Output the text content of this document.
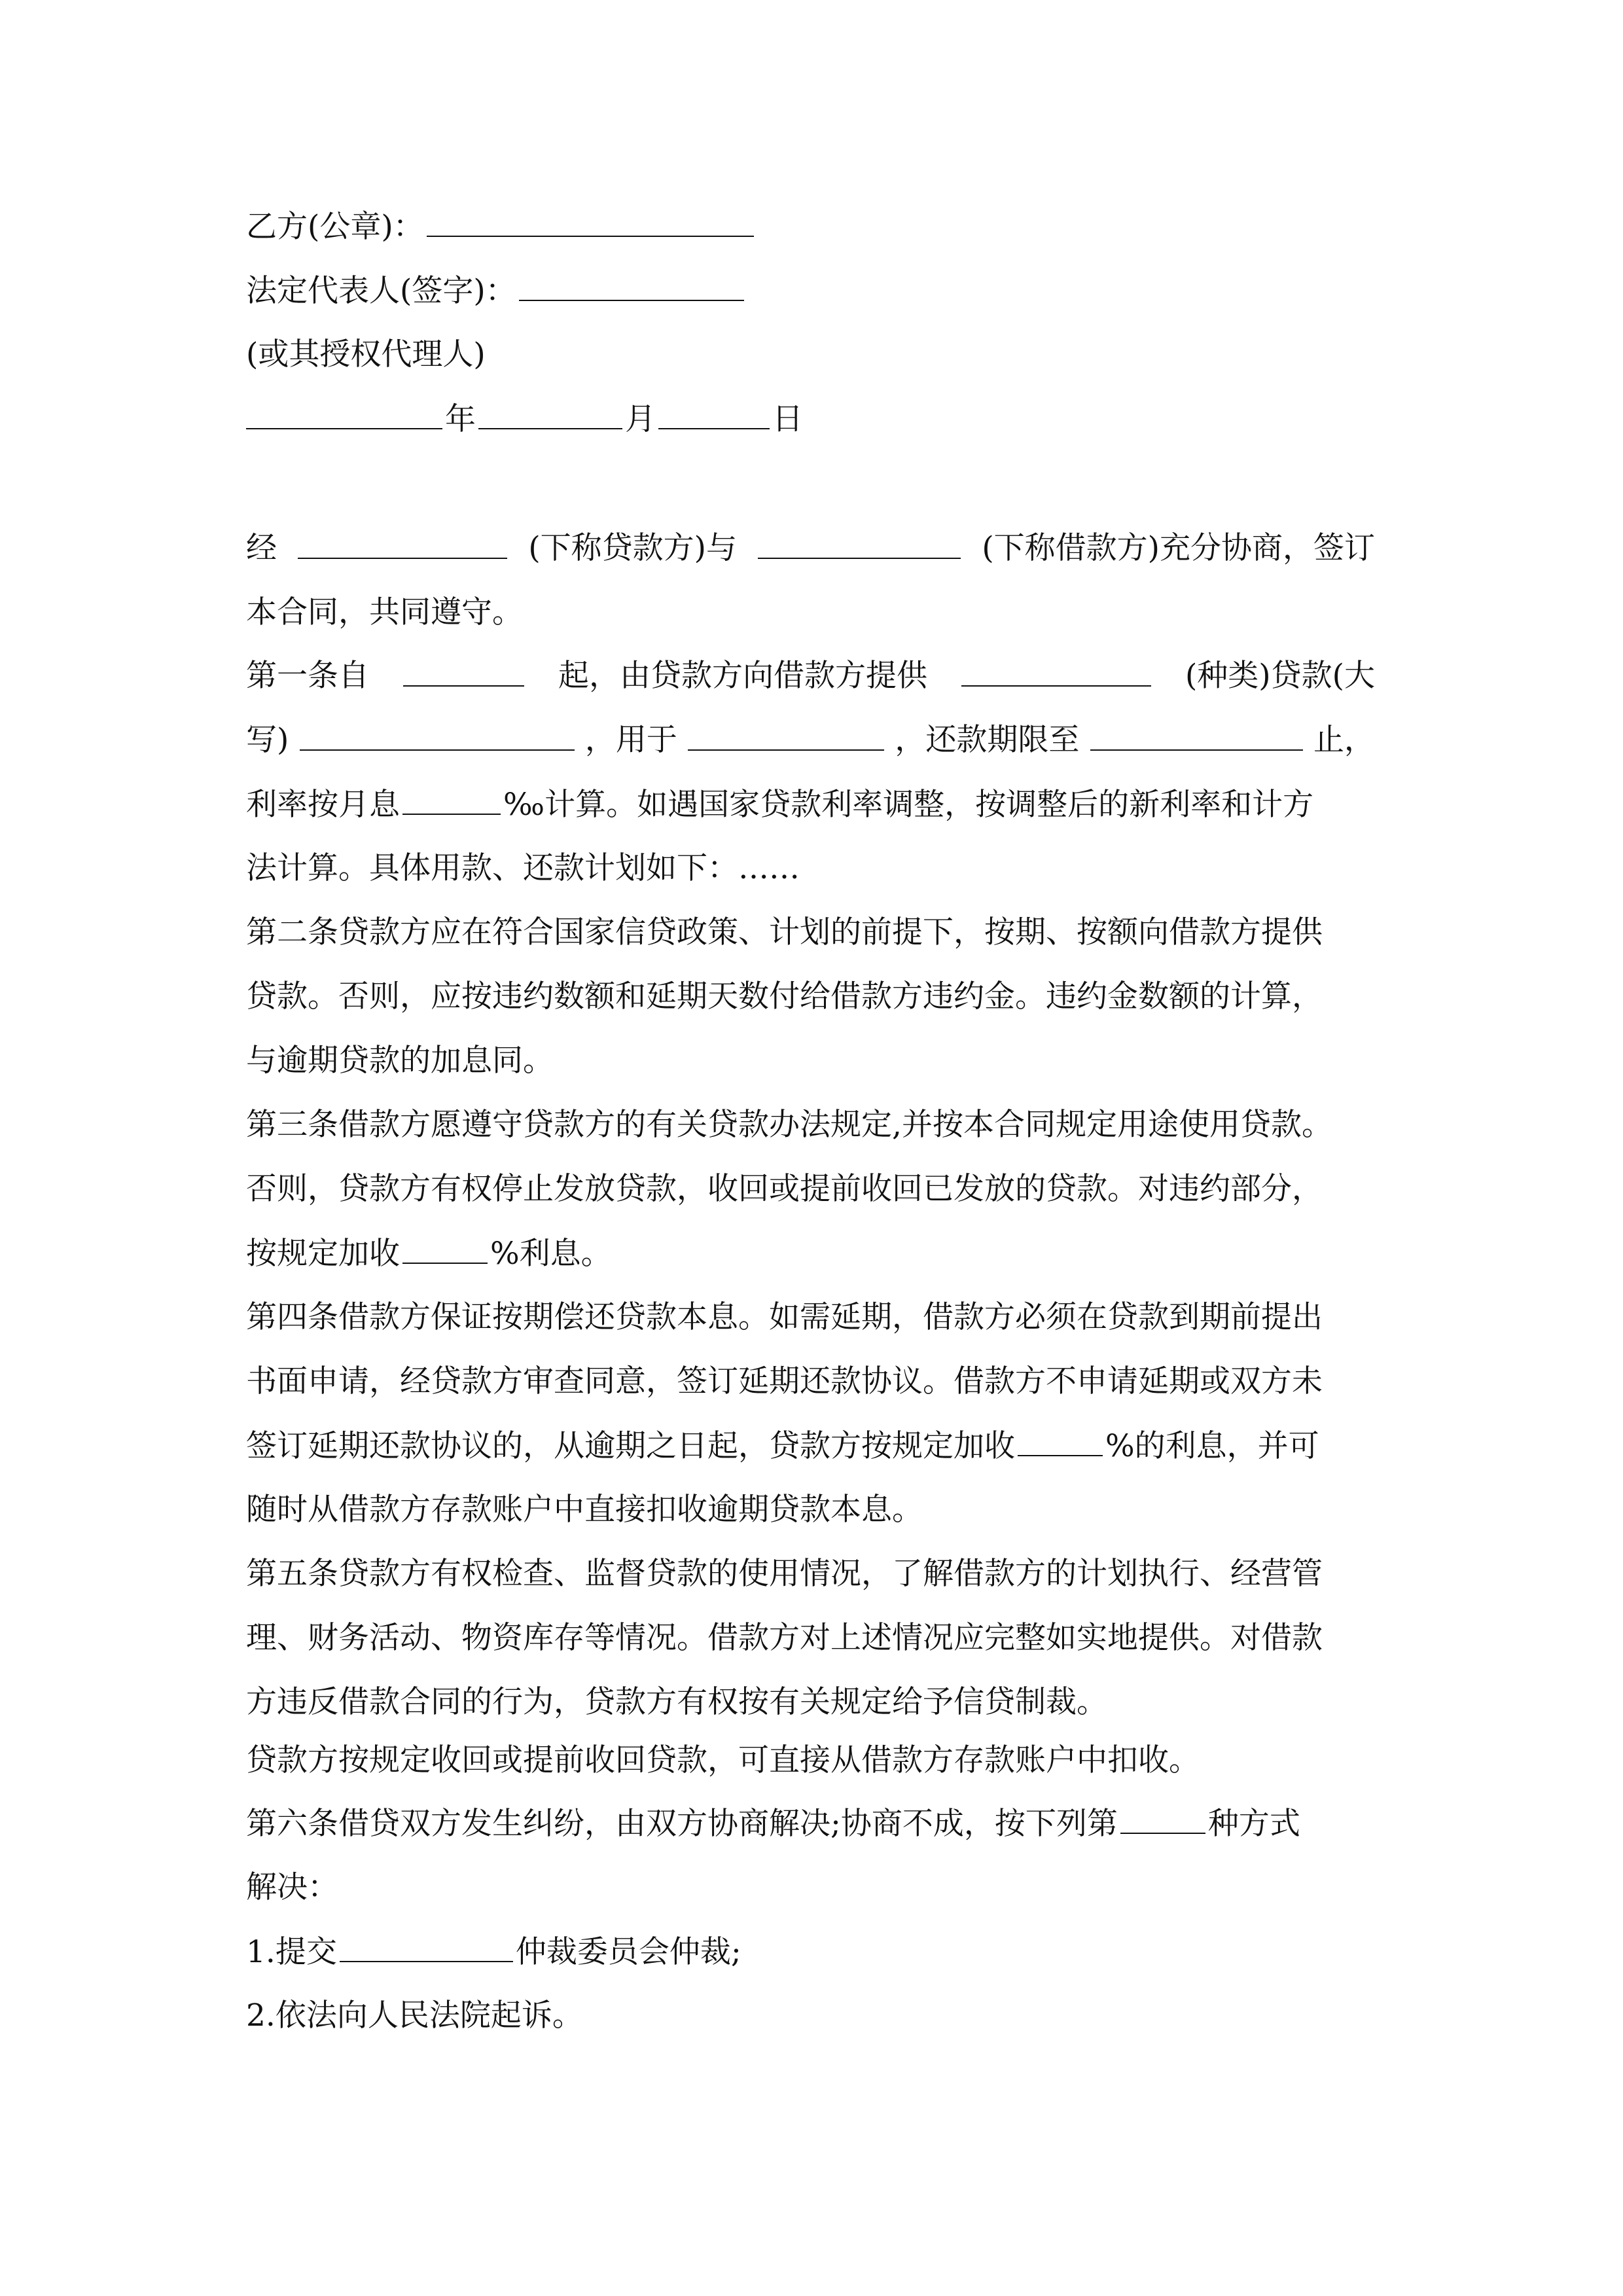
乙方(公章)：
法定代表人(签字)：
(或其授权代理人)
年	月	日
经	(下称贷款方)与	(下称借款方)充分协商，签订
本合同，共同遵守。
第一条自	起，由贷款方向借款方提供	(种类)贷款(大
写)	，用于	，还款期限至	止，
利率按月息	‰计算。如遇国家贷款利率调整，按调整后的新利率和计方
法计算。具体用款、还款计划如下：……
第二条贷款方应在符合国家信贷政策、计划的前提下，按期、按额向借款方提供
贷款。否则，应按违约数额和延期天数付给借款方违约金。违约金数额的计算，
与逾期贷款的加息同。
第三条借款方愿遵守贷款方的有关贷款办法规定,并按本合同规定用途使用贷款。
否则，贷款方有权停止发放贷款，收回或提前收回已发放的贷款。对违约部分，
按规定加收	%利息。
第四条借款方保证按期偿还贷款本息。如需延期，借款方必须在贷款到期前提出
书面申请，经贷款方审查同意，签订延期还款协议。借款方不申请延期或双方未
签订延期还款协议的，从逾期之日起，贷款方按规定加收	%的利息，并可
随时从借款方存款账户中直接扣收逾期贷款本息。
第五条贷款方有权检查、监督贷款的使用情况，了解借款方的计划执行、经营管
理、财务活动、物资库存等情况。借款方对上述情况应完整如实地提供。对借款
方违反借款合同的行为，贷款方有权按有关规定给予信贷制裁。
贷款方按规定收回或提前收回贷款，可直接从借款方存款账户中扣收。
第六条借贷双方发生纠纷，由双方协商解决;协商不成，按下列第	种方式
解决：
1.提交	仲裁委员会仲裁;
2.依法向人民法院起诉。
